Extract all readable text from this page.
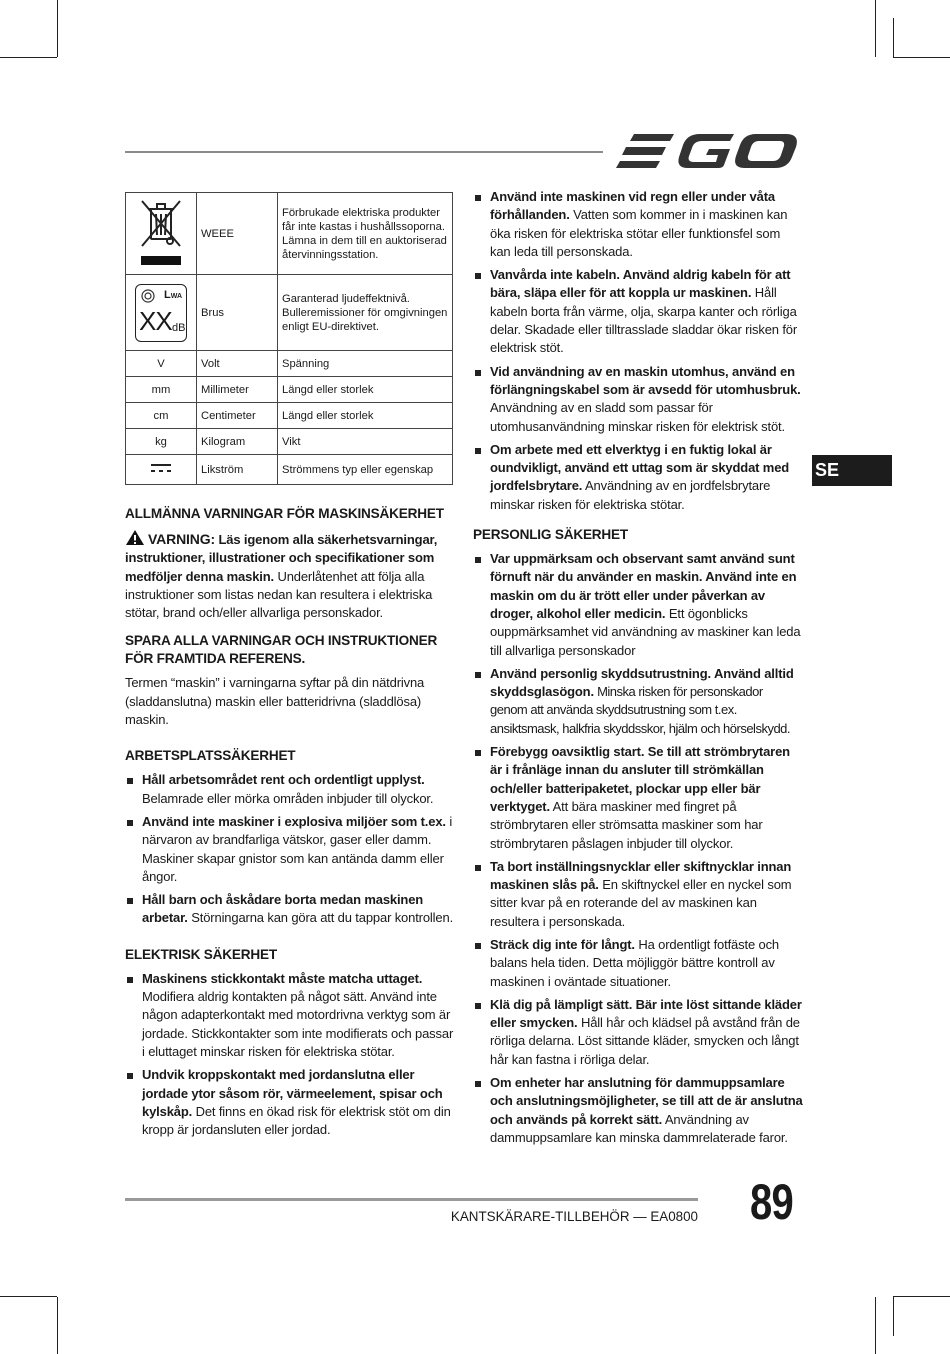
	WEEE	Förbrukade elektriska produkter får inte kastas i hushållssoporna. Lämna in dem till en auktoriserad återvinningsstation.

LWA
XX dB	Brus	Garanterad ljudeffektnivå. Bulleremissioner för omgivningen enligt EU-direktivet.
V	Volt	Spänning
mm	Millimeter	Längd eller storlek
cm	Centimeter	Längd eller storlek
kg	Kilogram	Vikt
	Likström	Strömmens typ eller egenskap
ALLMÄNNA VARNINGAR FÖR MASKINSÄKERHET

VARNING: Läs igenom alla säkerhetsvarningar, instruktioner, illustrationer och specifikationer som medföljer denna maskin. Underlåtenhet att följa alla instruktioner som listas nedan kan resultera i elektriska stötar, brand och/eller allvarliga personskador.

SPARA ALLA VARNINGAR OCH INSTRUKTIONER FÖR FRAMTIDA REFERENS.

Termen “maskin” i varningarna syftar på din nätdrivna (sladdanslutna) maskin eller batteridrivna (sladdlösa) maskin.

ARBETSPLATSSÄKERHET
Håll arbetsområdet rent och ordentligt upplyst. Belamrade eller mörka områden inbjuder till olyckor.
Använd inte maskiner i explosiva miljöer som t.ex. i närvaron av brandfarliga vätskor, gaser eller damm. Maskiner skapar gnistor som kan antända damm eller ångor.
Håll barn och åskådare borta medan maskinen arbetar. Störningarna kan göra att du tappar kontrollen.
ELEKTRISK SÄKERHET
Maskinens stickkontakt måste matcha uttaget. Modifiera aldrig kontakten på något sätt. Använd inte någon adapterkontakt med motordrivna verktyg som är jordade. Stickkontakter som inte modifierats och passar i eluttaget minskar risken för elektriska stötar.
Undvik kroppskontakt med jordanslutna eller jordade ytor såsom rör, värmeelement, spisar och kylskåp. Det finns en ökad risk för elektrisk stöt om din kropp är jordansluten eller jordad.
Använd inte maskinen vid regn eller under våta förhållanden. Vatten som kommer in i maskinen kan öka risken för elektriska stötar eller funktionsfel som kan leda till personskada.
Vanvårda inte kabeln. Använd aldrig kabeln för att bära, släpa eller för att koppla ur maskinen. Håll kabeln borta från värme, olja, skarpa kanter och rörliga delar. Skadade eller tilltrasslade sladdar ökar risken för elektrisk stöt.
Vid användning av en maskin utomhus, använd en förlängningskabel som är avsedd för utomhusbruk. Användning av en sladd som passar för utomhusanvändning minskar risken för elektrisk stöt.
Om arbete med ett elverktyg i en fuktig lokal är oundvikligt, använd ett uttag som är skyddat med jordfelsbrytare. Användning av en jordfelsbrytare minskar risken för elektriska stötar.
PERSONLIG SÄKERHET
Var uppmärksam och observant samt använd sunt förnuft när du använder en maskin. Använd inte en maskin om du är trött eller under påverkan av droger, alkohol eller medicin. Ett ögonblicks ouppmärksamhet vid användning av maskiner kan leda till allvarliga personskador
Använd personlig skyddsutrustning. Använd alltid skyddsglasögon. Minska risken för personskador genom att använda skyddsutrustning som t.ex. ansiktsmask, halkfria skyddsskor, hjälm och hörselskydd.
Förebygg oavsiktlig start. Se till att strömbrytaren är i frånläge innan du ansluter till strömkällan och/eller batteripaketet, plockar upp eller bär verktyget. Att bära maskiner med fingret på strömbrytaren eller strömsatta maskiner som har strömbrytaren påslagen inbjuder till olyckor.
Ta bort inställningsnycklar eller skiftnycklar innan maskinen slås på. En skiftnyckel eller en nyckel som sitter kvar på en roterande del av maskinen kan resultera i personskada.
Sträck dig inte för långt. Ha ordentligt fotfäste och balans hela tiden. Detta möjliggör bättre kontroll av maskinen i oväntade situationer.
Klä dig på lämpligt sätt. Bär inte löst sittande kläder eller smycken. Håll hår och klädsel på avstånd från de rörliga delarna. Löst sittande kläder, smycken och långt hår kan fastna i rörliga delar.
Om enheter har anslutning för dammuppsamlare och anslutningsmöjligheter, se till att de är anslutna och används på korrekt sätt. Användning av dammuppsamlare kan minska dammrelaterade faror.
SE
KANTSKÄRARE-TILLBEHÖR — EA0800 89
